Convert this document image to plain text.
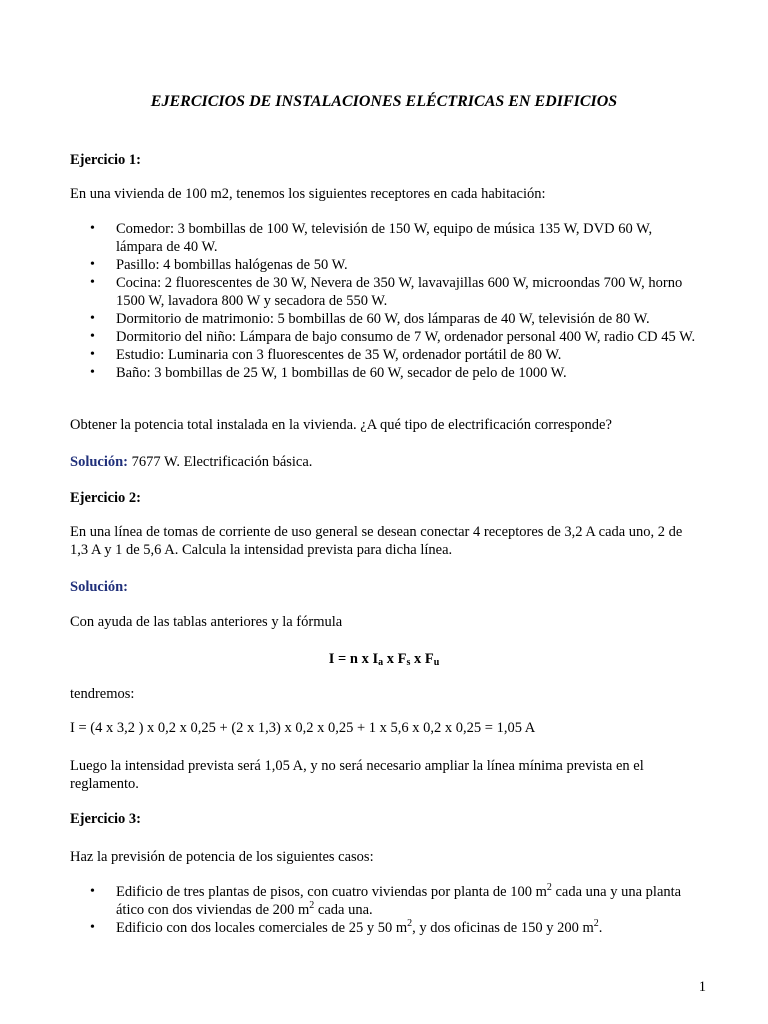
EJERCICIOS DE INSTALACIONES ELÉCTRICAS EN EDIFICIOS
Ejercicio 1:
En una vivienda de 100 m2, tenemos los siguientes receptores en cada habitación:
• Comedor: 3 bombillas de 100 W, televisión de 150 W, equipo de música 135 W, DVD 60 W, lámpara de 40 W.
• Pasillo: 4 bombillas halógenas de 50 W.
• Cocina: 2 fluorescentes de 30 W, Nevera de 350 W, lavavajillas 600 W, microondas 700 W, horno 1500 W, lavadora 800 W y secadora de 550 W.
• Dormitorio de matrimonio: 5 bombillas de 60 W, dos lámparas de 40 W, televisión de 80 W.
• Dormitorio del niño: Lámpara de bajo consumo de 7 W, ordenador personal 400 W, radio CD 45 W.
• Estudio: Luminaria con 3 fluorescentes de 35 W, ordenador portátil de 80 W.
• Baño: 3 bombillas de 25 W, 1 bombillas de 60 W, secador de pelo de 1000 W.
Obtener la potencia total instalada en la vivienda. ¿A qué tipo de electrificación corresponde?
Solución: 7677 W. Electrificación básica.
Ejercicio 2:
En una línea de tomas de corriente de uso general se desean conectar 4 receptores de 3,2 A cada uno, 2 de 1,3 A y 1 de 5,6 A. Calcula la intensidad prevista para dicha línea.
Solución:
Con ayuda de las tablas anteriores y la fórmula
I = n x $I_a$ x $F_s$ x $F_u$
tendremos:
I = (4 x 3,2 ) x 0,2 x 0,25 + (2 x 1,3) x 0,2 x 0,25 + 1 x 5,6 x 0,2 x 0,25 = 1,05 A
Luego la intensidad prevista será 1,05 A, y no será necesario ampliar la línea mínima prevista en el reglamento.
Ejercicio 3:
Haz la previsión de potencia de los siguientes casos:
• Edificio de tres plantas de pisos, con cuatro viviendas por planta de 100 $m^2$ cada una y una planta ático con dos viviendas de 200 $m^2$ cada una.
• Edificio con dos locales comerciales de 25 y 50 $m^2$, y dos oficinas de 150 y 200 $m^2$.
1
